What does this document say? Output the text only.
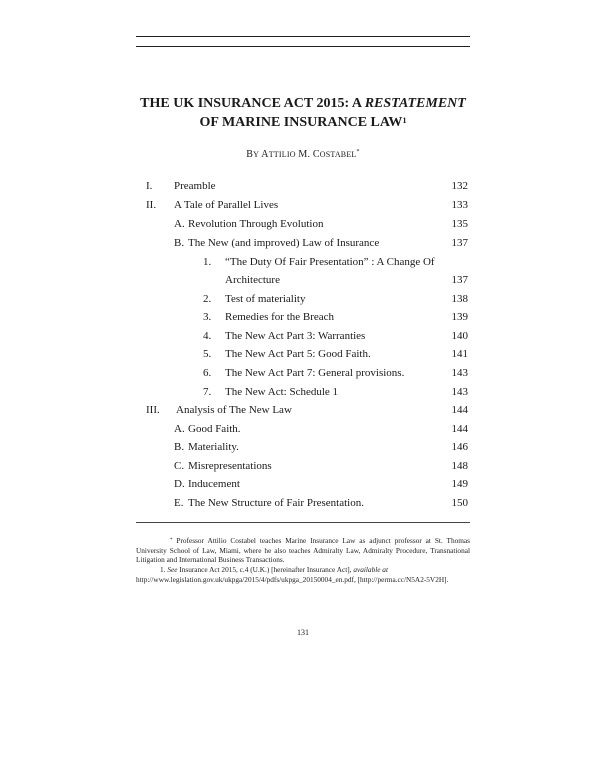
THE UK INSURANCE ACT 2015: A RESTATEMENT
OF MARINE INSURANCE LAW$^1$
BY ATTILIO M. COSTABEL*
I. Preamble	132
II. A Tale of Parallel Lives	133
A. Revolution Through Evolution	135
B. The New (and improved) Law of Insurance	137
1. “The Duty Of Fair Presentation” : A Change Of
Architecture	137
2. Test of materiality	138
3. Remedies for the Breach	139
4. The New Act Part 3: Warranties	140
5. The New Act Part 5: Good Faith.	141
6. The New Act Part 7: General provisions.	143
7. The New Act: Schedule 1	143
III. Analysis of The New Law	144
A. Good Faith.	144
B. Materiality.	146
C. Misrepresentations	148
D. Inducement	149
E. The New Structure of Fair Presentation.	150
* Professor Attilio Costabel teaches Marine Insurance Law as adjunct professor at St. Thomas University School of Law, Miami, where he also teaches Admiralty Law, Admiralty Procedure, Transnational Litigation and International Business Transactions.
1. See Insurance Act 2015, c.4 (U.K.) [hereinafter Insurance Act], available at http://www.legislation.gov.uk/ukpga/2015/4/pdfs/ukpga_20150004_en.pdf, [http://perma.cc/N5A2-5V2H].
131
